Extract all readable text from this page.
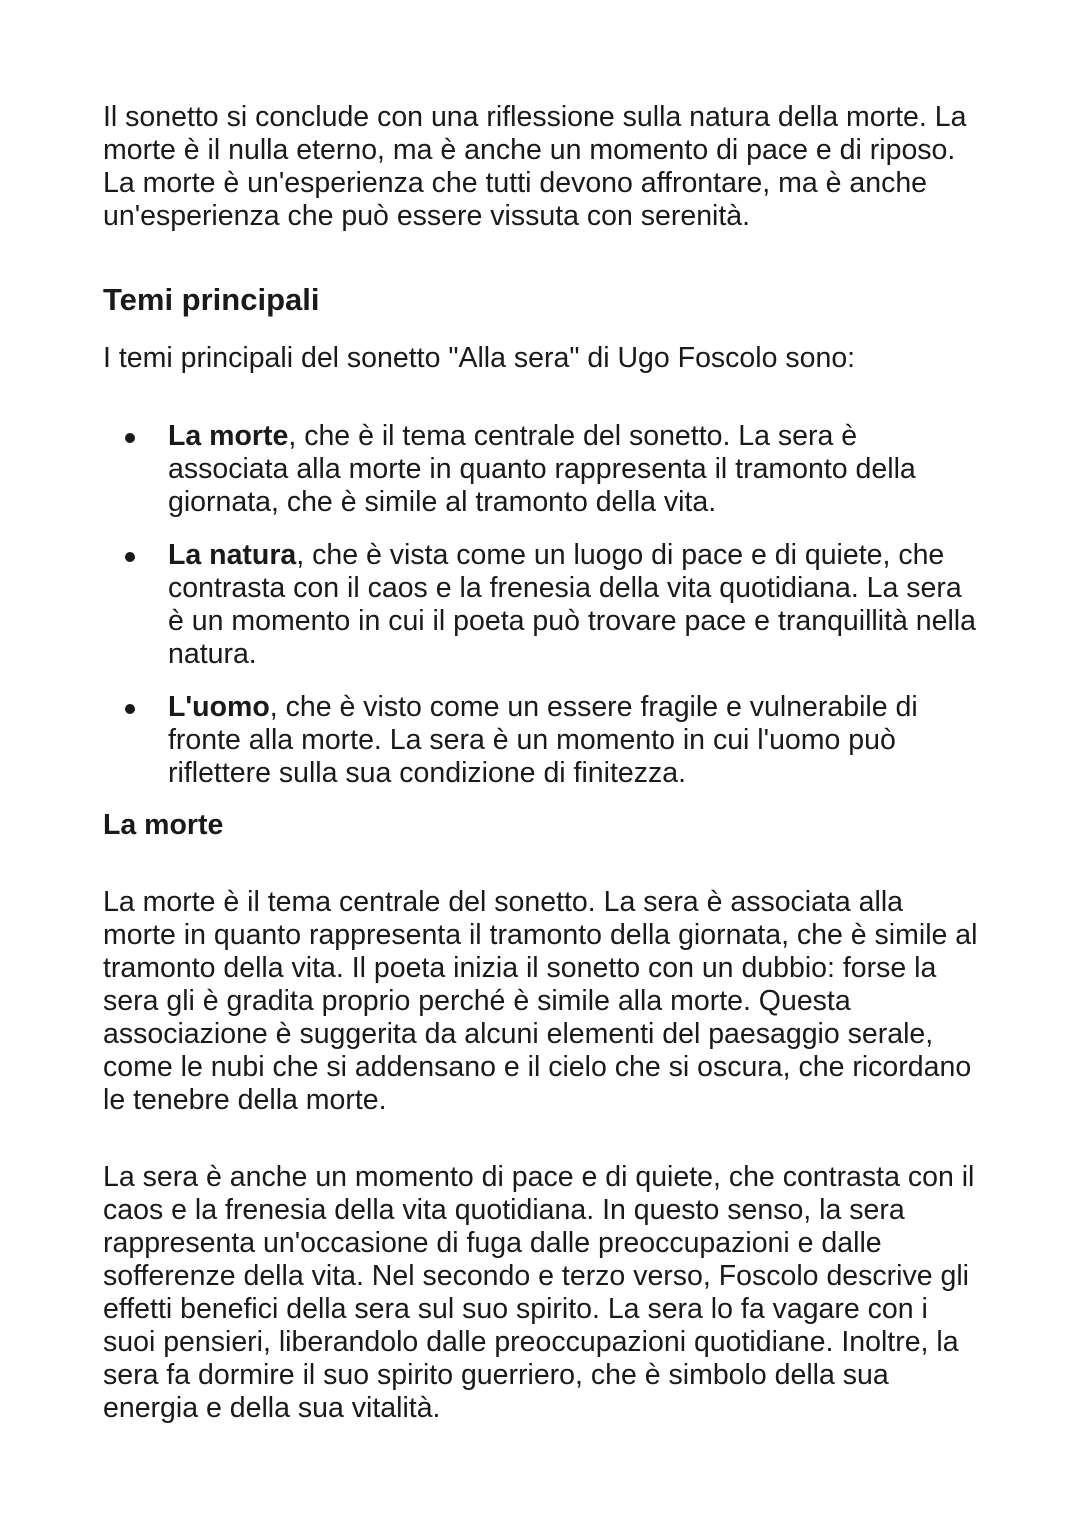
Il sonetto si conclude con una riflessione sulla natura della morte. La morte è il nulla eterno, ma è anche un momento di pace e di riposo. La morte è un'esperienza che tutti devono affrontare, ma è anche un'esperienza che può essere vissuta con serenità.

Temi principali

I temi principali del sonetto "Alla sera" di Ugo Foscolo sono:

La morte, che è il tema centrale del sonetto. La sera è associata alla morte in quanto rappresenta il tramonto della giornata, che è simile al tramonto della vita.
La natura, che è vista come un luogo di pace e di quiete, che contrasta con il caos e la frenesia della vita quotidiana. La sera è un momento in cui il poeta può trovare pace e tranquillità nella natura.
L'uomo, che è visto come un essere fragile e vulnerabile di fronte alla morte. La sera è un momento in cui l'uomo può riflettere sulla sua condizione di finitezza.
La morte

La morte è il tema centrale del sonetto. La sera è associata alla morte in quanto rappresenta il tramonto della giornata, che è simile al tramonto della vita. Il poeta inizia il sonetto con un dubbio: forse la sera gli è gradita proprio perché è simile alla morte. Questa associazione è suggerita da alcuni elementi del paesaggio serale, come le nubi che si addensano e il cielo che si oscura, che ricordano le tenebre della morte.

La sera è anche un momento di pace e di quiete, che contrasta con il caos e la frenesia della vita quotidiana. In questo senso, la sera rappresenta un'occasione di fuga dalle preoccupazioni e dalle sofferenze della vita. Nel secondo e terzo verso, Foscolo descrive gli effetti benefici della sera sul suo spirito. La sera lo fa vagare con i suoi pensieri, liberandolo dalle preoccupazioni quotidiane. Inoltre, la sera fa dormire il suo spirito guerriero, che è simbolo della sua energia e della sua vitalità.
